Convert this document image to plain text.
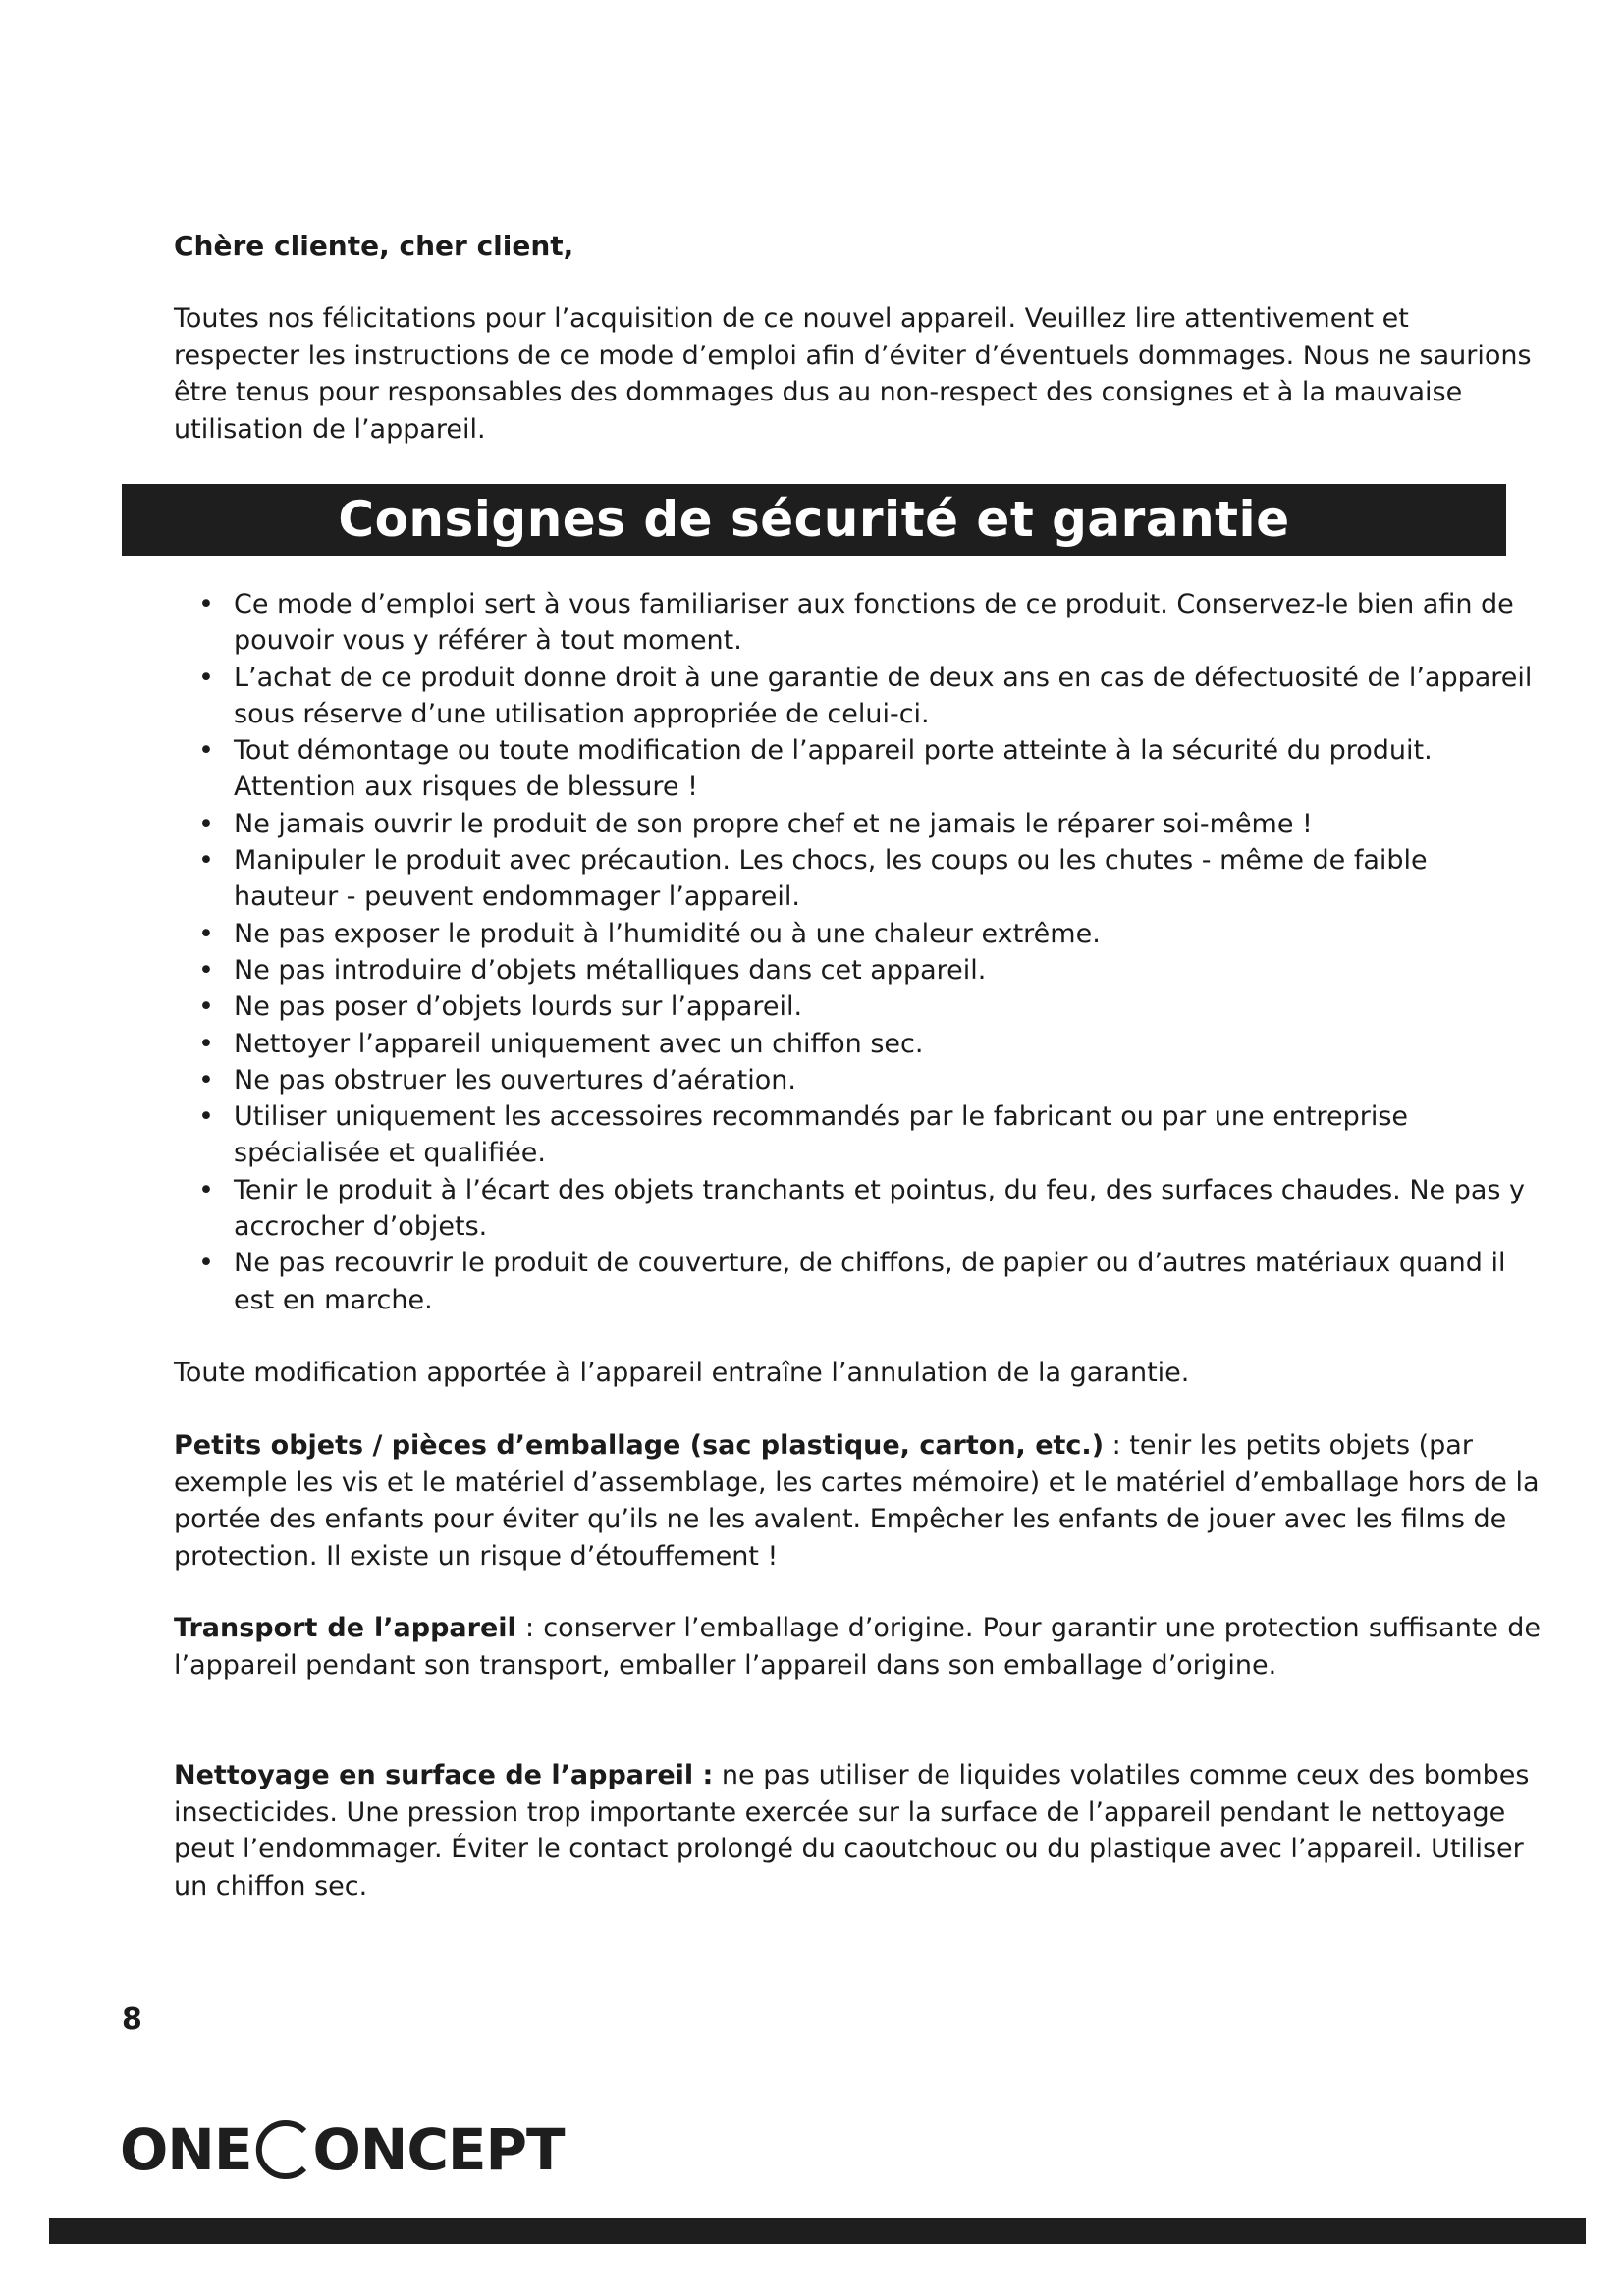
Chère cliente, cher client,
Toutes nos félicitations pour l’acquisition de ce nouvel appareil. Veuillez lire attentivement et respecter les instructions de ce mode d’emploi afin d’éviter d’éventuels dommages. Nous ne saurions être tenus pour responsables des dommages dus au non-respect des consignes et à la mauvaise utilisation de l’appareil.
Consignes de sécurité et garantie
• Ce mode d’emploi sert à vous familiariser aux fonctions de ce produit. Conservez-le bien afin de pouvoir vous y référer à tout moment.
• L’achat de ce produit donne droit à une garantie de deux ans en cas de défectuosité de l’appareil sous réserve d’une utilisation appropriée de celui-ci.
• Tout démontage ou toute modification de l’appareil porte atteinte à la sécurité du produit. Attention aux risques de blessure !
• Ne jamais ouvrir le produit de son propre chef et ne jamais le réparer soi-même !
• Manipuler le produit avec précaution. Les chocs, les coups ou les chutes - même de faible hauteur - peuvent endommager l’appareil.
• Ne pas exposer le produit à l’humidité ou à une chaleur extrême.
• Ne pas introduire d’objets métalliques dans cet appareil.
• Ne pas poser d’objets lourds sur l’appareil.
• Nettoyer l’appareil uniquement avec un chiffon sec.
• Ne pas obstruer les ouvertures d’aération.
• Utiliser uniquement les accessoires recommandés par le fabricant ou par une entreprise spécialisée et qualifiée.
• Tenir le produit à l’écart des objets tranchants et pointus, du feu, des surfaces chaudes. Ne pas y accrocher d’objets.
• Ne pas recouvrir le produit de couverture, de chiffons, de papier ou d’autres matériaux quand il est en marche.
Toute modification apportée à l’appareil entraîne l’annulation de la garantie.
Petits objets / pièces d’emballage (sac plastique, carton, etc.) : tenir les petits objets (par exemple les vis et le matériel d’assemblage, les cartes mémoire) et le matériel d’emballage hors de la portée des enfants pour éviter qu’ils ne les avalent. Empêcher les enfants de jouer avec les films de protection. Il existe un risque d’étouffement !
Transport de l’appareil : conserver l’emballage d’origine. Pour garantir une protection suffisante de l’appareil pendant son transport, emballer l’appareil dans son emballage d’origine.
Nettoyage en surface de l’appareil : ne pas utiliser de liquides volatiles comme ceux des bombes insecticides. Une pression trop importante exercée sur la surface de l’appareil pendant le nettoyage peut l’endommager. Éviter le contact prolongé du caoutchouc ou du plastique avec l’appareil. Utiliser un chiffon sec.
8
ONE ONCEPT
